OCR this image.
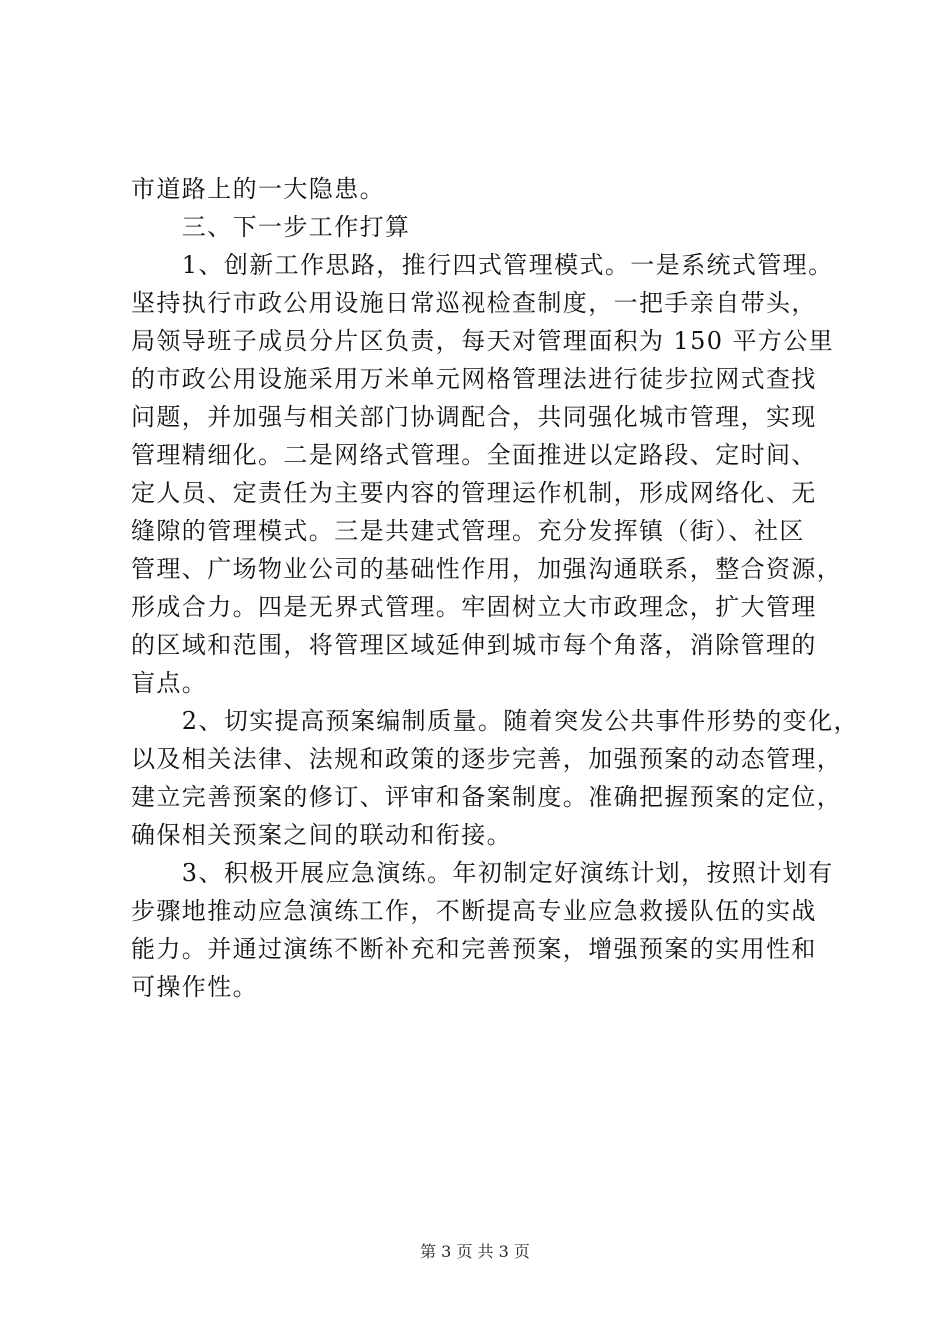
市道路上的一大隐患。
　　三、下一步工作打算
　　1、创新工作思路，推行四式管理模式。一是系统式管理。
坚持执行市政公用设施日常巡视检查制度，一把手亲自带头，
局领导班子成员分片区负责，每天对管理面积为 150 平方公里
的市政公用设施采用万米单元网格管理法进行徒步拉网式查找
问题，并加强与相关部门协调配合，共同强化城市管理，实现
管理精细化。二是网络式管理。全面推进以定路段、定时间、
定人员、定责任为主要内容的管理运作机制，形成网络化、无
缝隙的管理模式。三是共建式管理。充分发挥镇（街）、社区
管理、广场物业公司的基础性作用，加强沟通联系，整合资源，
形成合力。四是无界式管理。牢固树立大市政理念，扩大管理
的区域和范围，将管理区域延伸到城市每个角落，消除管理的
盲点。
　　2、切实提高预案编制质量。随着突发公共事件形势的变化，
以及相关法律、法规和政策的逐步完善，加强预案的动态管理，
建立完善预案的修订、评审和备案制度。准确把握预案的定位，
确保相关预案之间的联动和衔接。
　　3、积极开展应急演练。年初制定好演练计划，按照计划有
步骤地推动应急演练工作，不断提高专业应急救援队伍的实战
能力。并通过演练不断补充和完善预案，增强预案的实用性和
可操作性。
第 3 页 共 3 页
